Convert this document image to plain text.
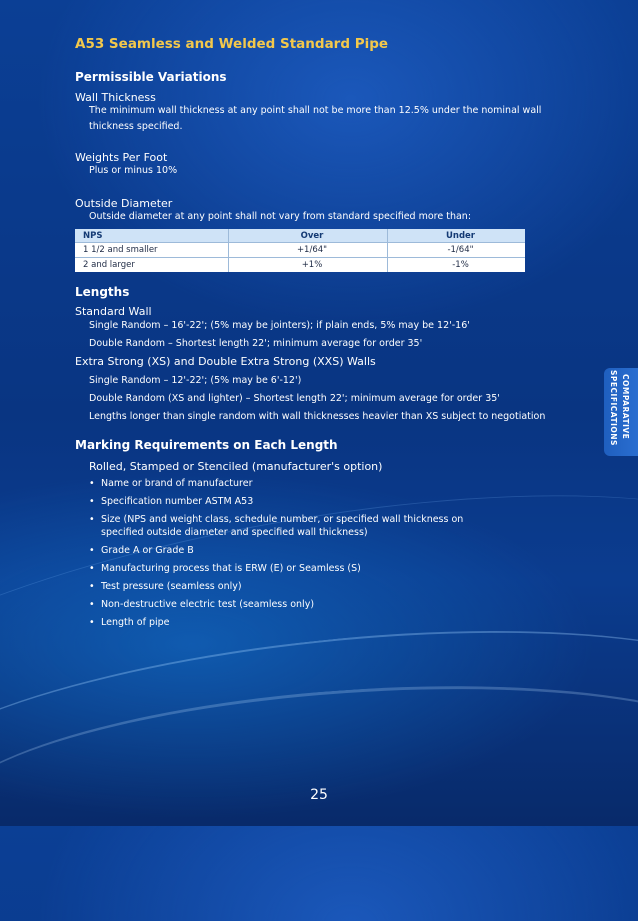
A53 Seamless and Welded Standard Pipe
Permissible Variations
Wall Thickness
The minimum wall thickness at any point shall not be more than 12.5% under the nominal wall thickness specified.
Weights Per Foot
Plus or minus 10%
Outside Diameter
Outside diameter at any point shall not vary from standard specified more than:
NPS	Over	Under
1 1/2 and smaller	+1/64"	-1/64"
2 and larger	+1%	-1%
Lengths
Standard Wall
Single Random – 16'-22'; (5% may be jointers); if plain ends, 5% may be 12'-16'
Double Random – Shortest length 22'; minimum average for order 35'
Extra Strong (XS) and Double Extra Strong (XXS) Walls
Single Random – 12'-22'; (5% may be 6'-12')
Double Random (XS and lighter) – Shortest length 22'; minimum average for order 35'
Lengths longer than single random with wall thicknesses heavier than XS subject to negotiation
Marking Requirements on Each Length
Rolled, Stamped or Stenciled (manufacturer's option)
• Name or brand of manufacturer
• Specification number ASTM A53
• Size (NPS and weight class, schedule number, or specified wall thickness on specified outside diameter and specified wall thickness)
• Grade A or Grade B
• Manufacturing process that is ERW (E) or Seamless (S)
• Test pressure (seamless only)
• Non-destructive electric test (seamless only)
• Length of pipe
COMPARATIVE
SPECIFICATIONS
25
